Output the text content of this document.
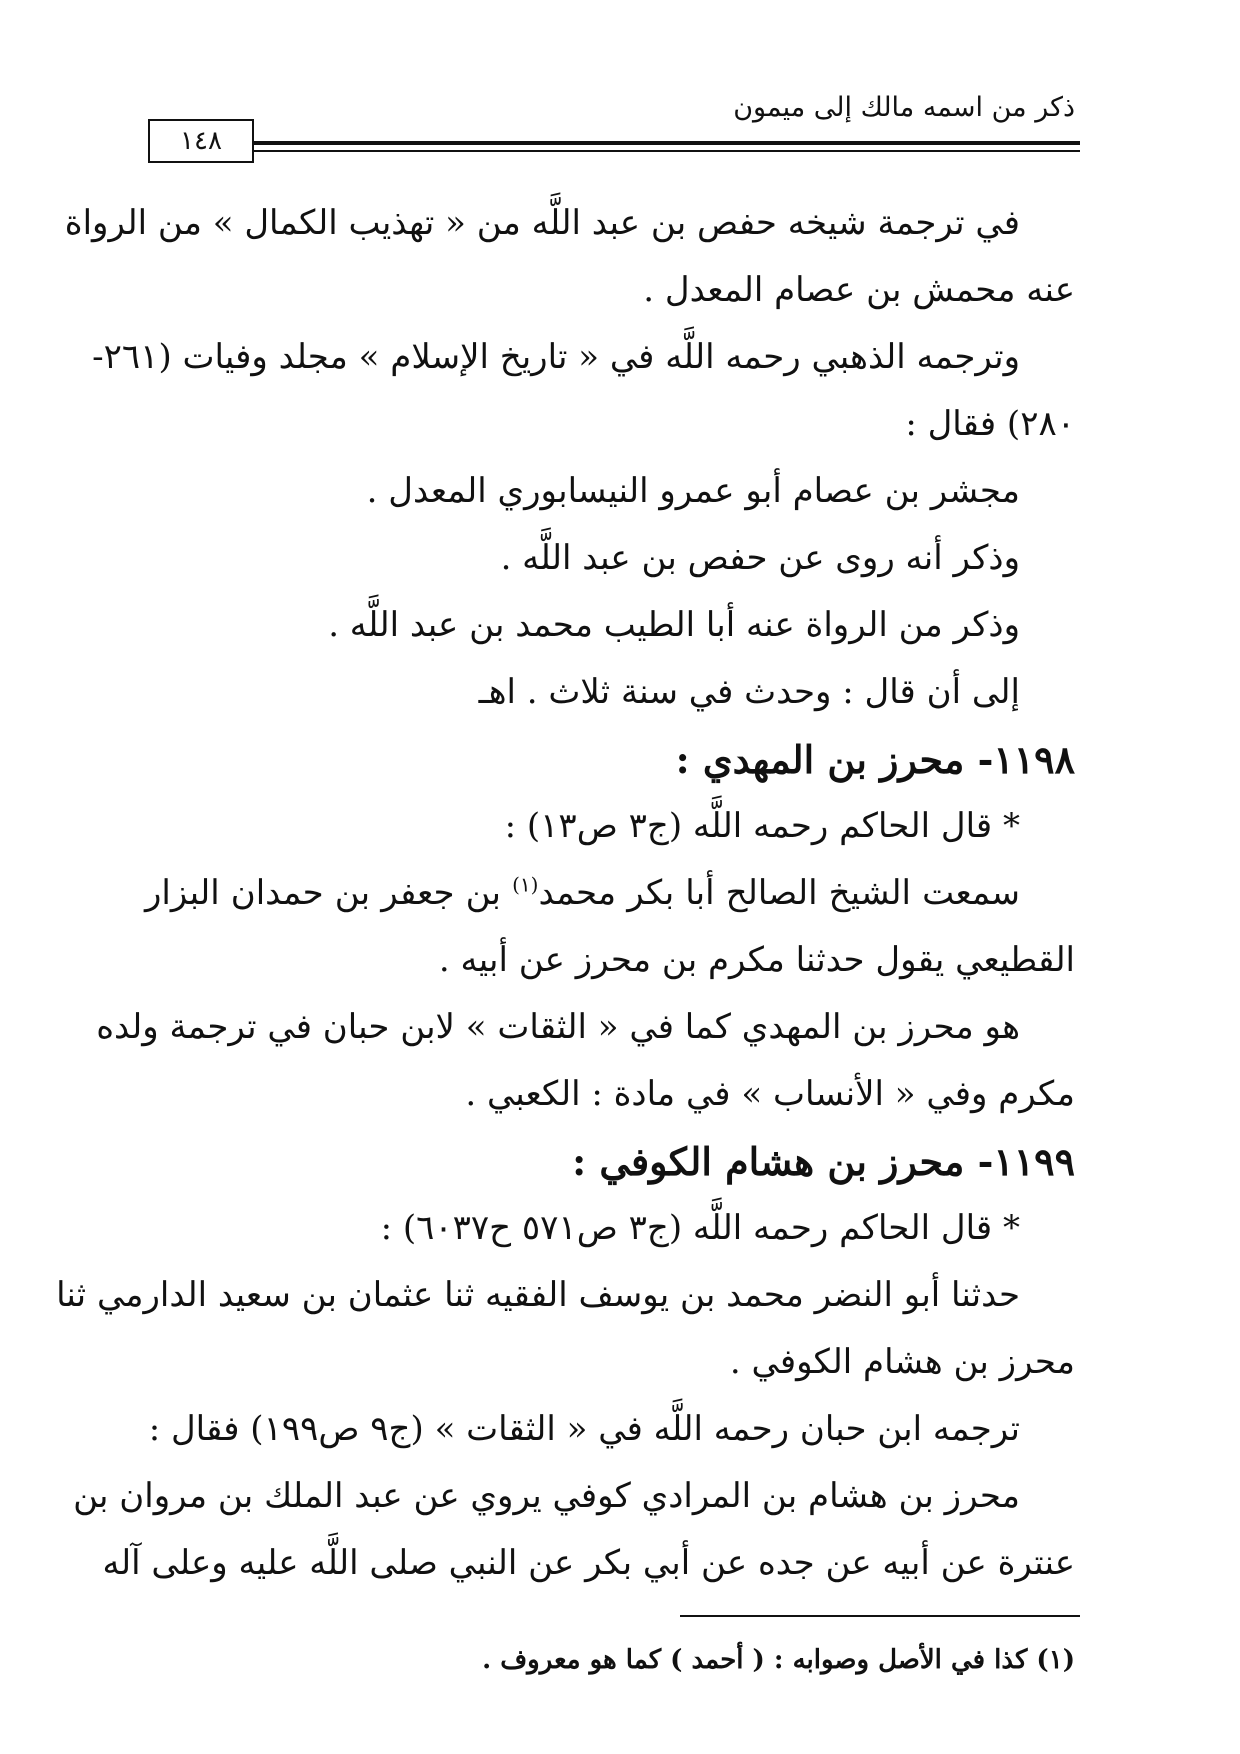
ذكر من اسمه مالك إلى ميمون
١٤٨
في ترجمة شيخه حفص بن عبد اللَّه من « تهذيب الكمال » من الرواة
عنه محمش بن عصام المعدل .
وترجمه الذهبي رحمه اللَّه في « تاريخ الإسلام » مجلد وفيات (٢٦١-
٢٨٠) فقال :
مجشر بن عصام أبو عمرو النيسابوري المعدل .
وذكر أنه روى عن حفص بن عبد اللَّه .
وذكر من الرواة عنه أبا الطيب محمد بن عبد اللَّه .
إلى أن قال : وحدث في سنة ثلاث . اهـ
١١٩٨- محرز بن المهدي :
* قال الحاكم رحمه اللَّه (ج٣ ص١٣) :
سمعت الشيخ الصالح أبا بكر محمد$^{(١)}$ بن جعفر بن حمدان البزار
القطيعي يقول حدثنا مكرم بن محرز عن أبيه .
هو محرز بن المهدي كما في « الثقات » لابن حبان في ترجمة ولده
مكرم وفي « الأنساب » في مادة : الكعبي .
١١٩٩- محرز بن هشام الكوفي :
* قال الحاكم رحمه اللَّه (ج٣ ص٥٧١ ح٦٠٣٧) :
حدثنا أبو النضر محمد بن يوسف الفقيه ثنا عثمان بن سعيد الدارمي ثنا
محرز بن هشام الكوفي .
ترجمه ابن حبان رحمه اللَّه في « الثقات » (ج٩ ص١٩٩) فقال :
محرز بن هشام بن المرادي كوفي يروي عن عبد الملك بن مروان بن
عنترة عن أبيه عن جده عن أبي بكر عن النبي صلى اللَّه عليه وعلى آله
(١) كذا في الأصل وصوابه : ( أحمد ) كما هو معروف .
